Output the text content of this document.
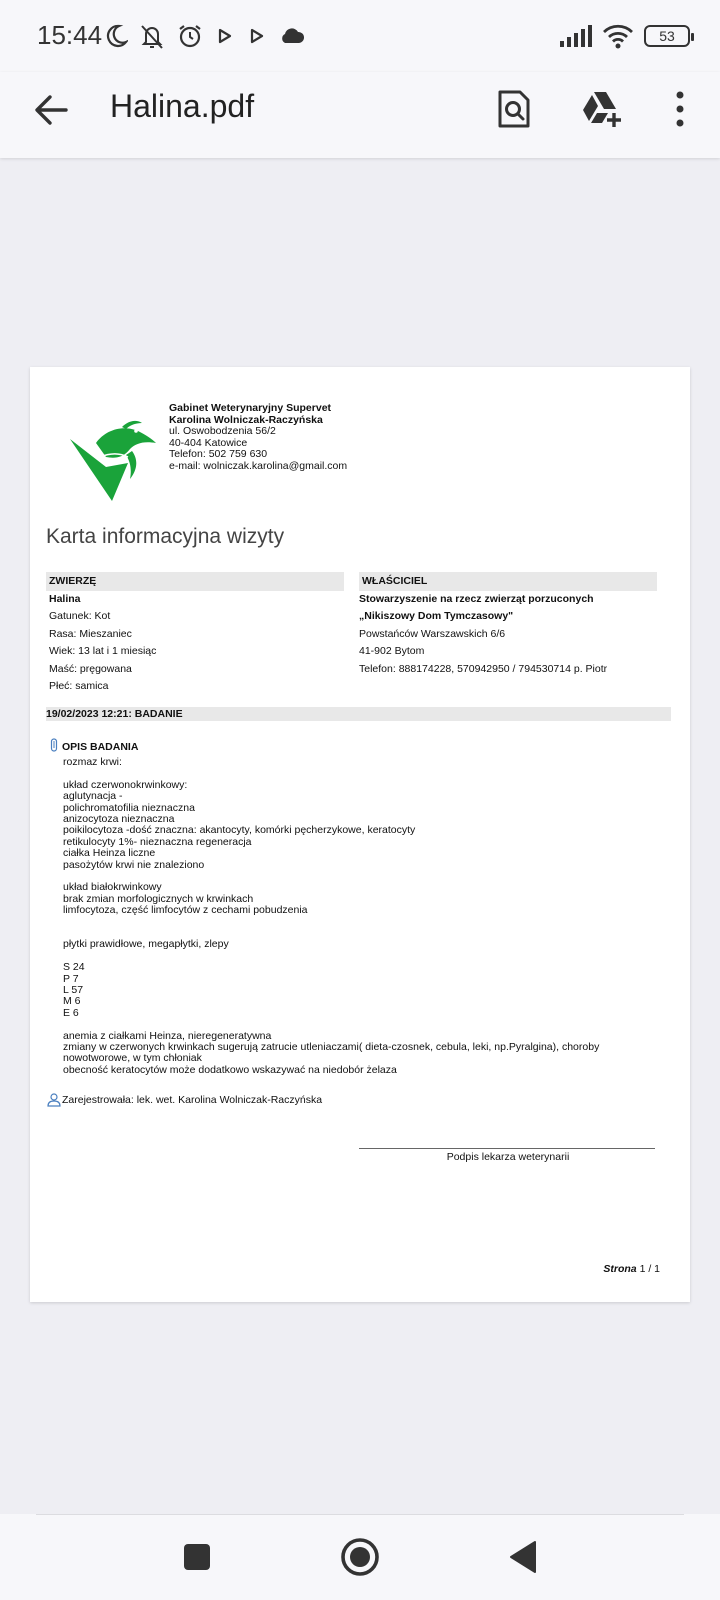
15:44	53
Halina.pdf
Gabinet Weterynaryjny Supervet
Karolina Wolniczak-Raczyńska
ul. Oswobodzenia 56/2
40-404 Katowice
Telefon: 502 759 630
e-mail: wolniczak.karolina@gmail.com
Karta informacyjna wizyty
ZWIERZĘ
Halina
Gatunek: Kot
Rasa: Mieszaniec
Wiek: 13 lat i 1 miesiąc
Maść: pręgowana
Płeć: samica
WŁAŚCICIEL
Stowarzyszenie na rzecz zwierząt porzuconych
„Nikiszowy Dom Tymczasowy"
Powstańców Warszawskich 6/6
41-902 Bytom
Telefon: 888174228, 570942950 / 794530714 p. Piotr
19/02/2023 12:21: BADANIE
OPIS BADANIA
rozmaz krwi:
układ czerwonokrwinkowy:
aglutynacja -
polichromatofilia nieznaczna
anizocytoza nieznaczna
poikilocytoza -dość znaczna: akantocyty, komórki pęcherzykowe, keratocyty
retikulocyty 1%- nieznaczna regeneracja
ciałka Heinza liczne
pasożytów krwi nie znaleziono
układ białokrwinkowy
brak zmian morfologicznych w krwinkach
limfocytoza, część limfocytów z cechami pobudzenia
płytki prawidłowe, megapłytki, zlepy
S 24
P 7
L 57
M 6
E 6
anemia z ciałkami Heinza, nieregeneratywna
zmiany w czerwonych krwinkach sugerują zatrucie utleniaczami( dieta-czosnek, cebula, leki, np.Pyralgina), choroby
nowotworowe, w tym chłoniak
obecność keratocytów może dodatkowo wskazywać na niedobór żelaza
Zarejestrowała: lek. wet. Karolina Wolniczak-Raczyńska
Podpis lekarza weterynarii
Strona 1 / 1
